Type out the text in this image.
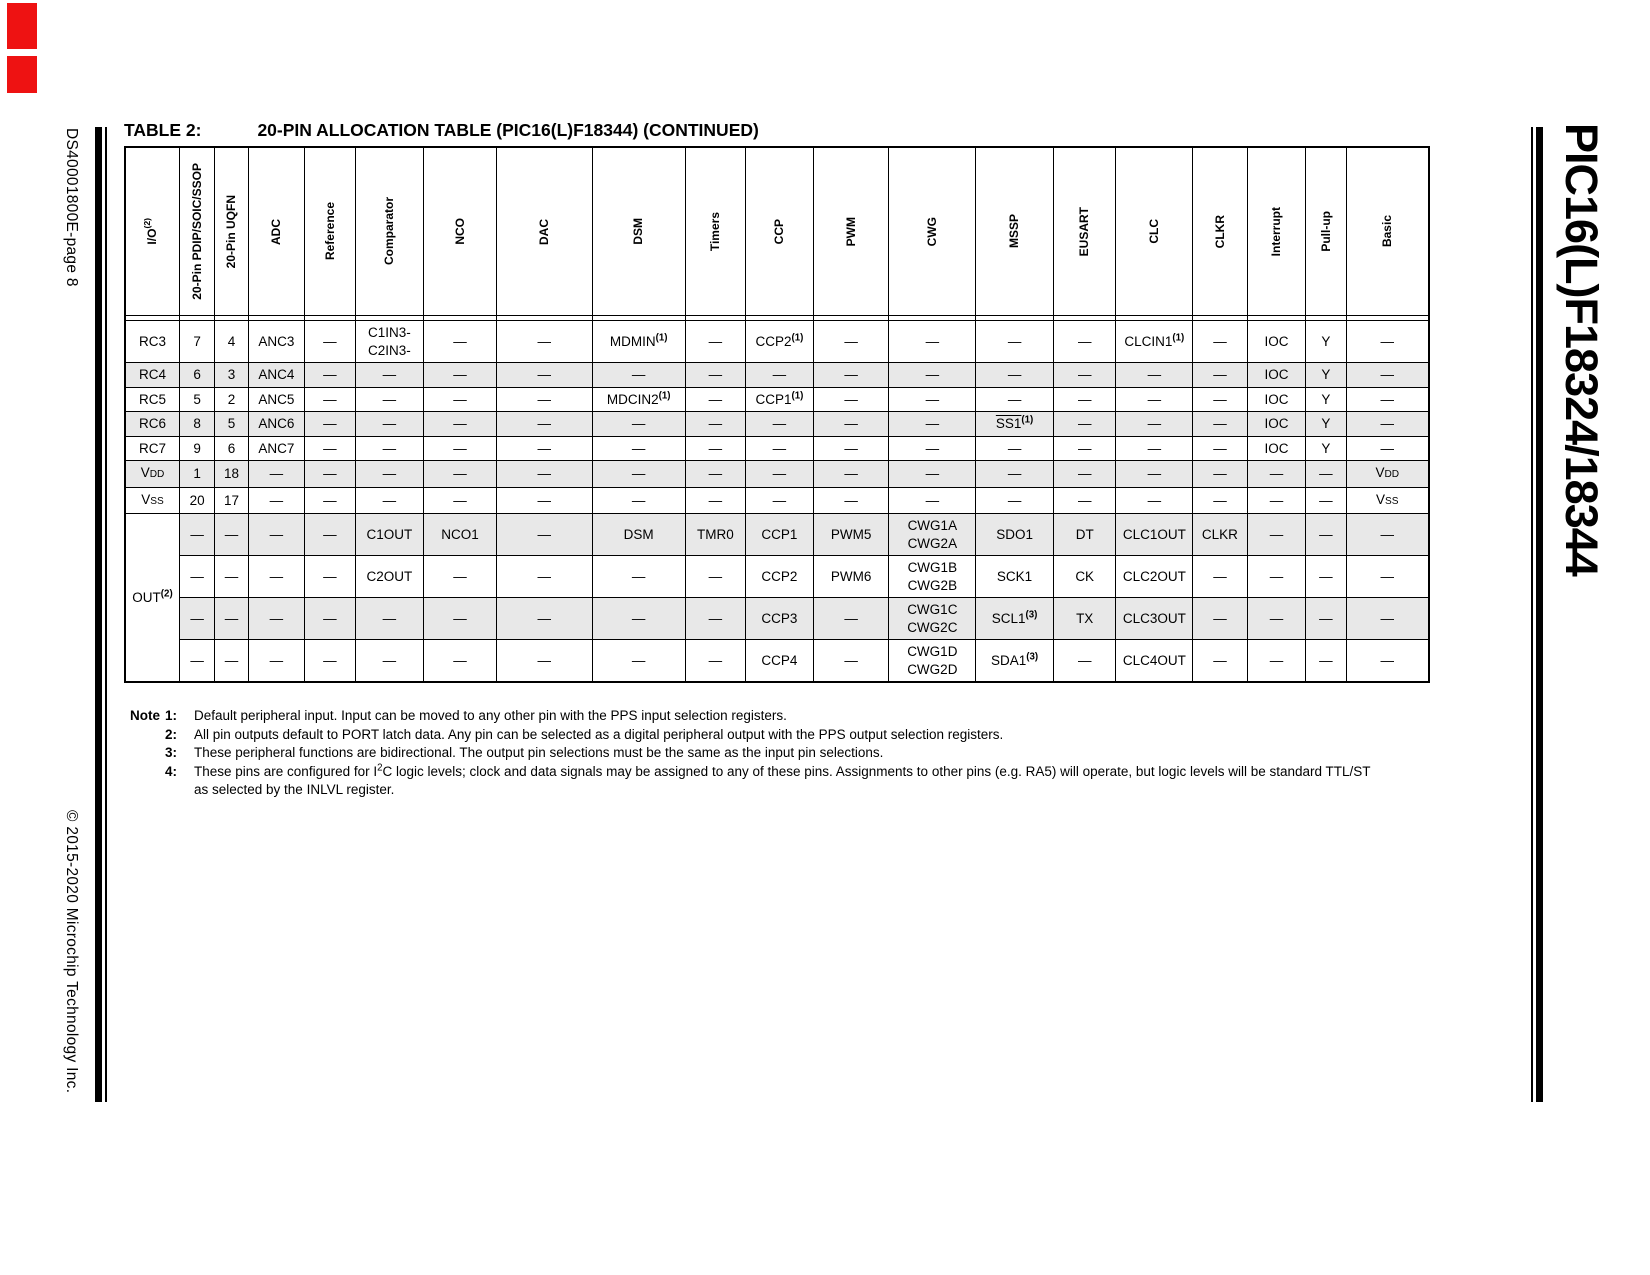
DS40001800E-page 8
© 2015-2020 Microchip Technology Inc.
PIC16(L)F18324/18344
TABLE 2:	20-PIN ALLOCATION TABLE (PIC16(L)F18344) (CONTINUED)
$I/O^{(2)}$	20-Pin PDIP/SOIC/SSOP	20-Pin UQFN	ADC	Reference	Comparator	NCO	DAC	DSM	Timers	CCP	PWM	CWG	MSSP	EUSART	CLC	CLKR	Interrupt	Pull-up	Basic

RC3	7	4	ANC3	—	C1IN3-
C2IN3-	—	—	MDMIN$^{(1)}$	—	CCP2$^{(1)}$	—	—	—	—	CLCIN1$^{(1)}$	—	IOC	Y	—
RC4	6	3	ANC4	—	—	—	—	—	—	—	—	—	—	—	—	—	IOC	Y	—
RC5	5	2	ANC5	—	—	—	—	MDCIN2$^{(1)}$	—	CCP1$^{(1)}$	—	—	—	—	—	—	IOC	Y	—
RC6	8	5	ANC6	—	—	—	—	—	—	—	—	—	SS1$^{(1)}$	—	—	—	IOC	Y	—
RC7	9	6	ANC7	—	—	—	—	—	—	—	—	—	—	—	—	—	IOC	Y	—
VDD	1	18	—	—	—	—	—	—	—	—	—	—	—	—	—	—	—	—	VDD
VSS	20	17	—	—	—	—	—	—	—	—	—	—	—	—	—	—	—	—	VSS
OUT$^{(2)}$	—	—	—	—	C1OUT	NCO1	—	DSM	TMR0	CCP1	PWM5	CWG1A
CWG2A	SDO1	DT	CLC1OUT	CLKR	—	—	—
	—	—	—	—	C2OUT	—	—	—	—	CCP2	PWM6	CWG1B
CWG2B	SCK1	CK	CLC2OUT	—	—	—	—
	—	—	—	—	—	—	—	—	—	CCP3	—	CWG1C
CWG2C	SCL1$^{(3)}$	TX	CLC3OUT	—	—	—	—
	—	—	—	—	—	—	—	—	—	CCP4	—	CWG1D
CWG2D	SDA1$^{(3)}$	—	CLC4OUT	—	—	—	—
Note 1:	Default peripheral input. Input can be moved to any other pin with the PPS input selection registers.
2:	All pin outputs default to PORT latch data. Any pin can be selected as a digital peripheral output with the PPS output selection registers.
3:	These peripheral functions are bidirectional. The output pin selections must be the same as the input pin selections.
4:	These pins are configured for $I^2C$ logic levels; clock and data signals may be assigned to any of these pins. Assignments to other pins (e.g. RA5) will operate, but logic levels will be standard TTL/ST as selected by the INLVL register.
